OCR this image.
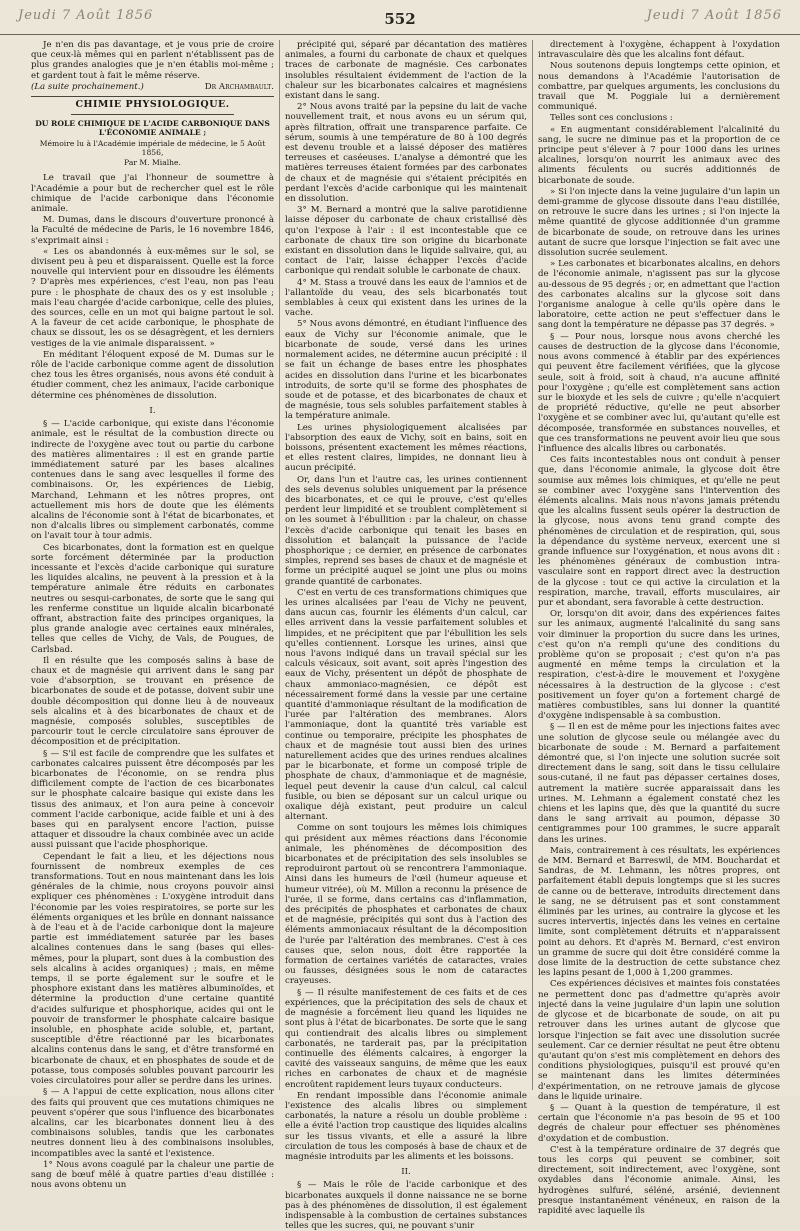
Jeudi 7 Août 1856	552	Jeudi 7 Août 1856

Je n'en dis pas davantage, et je vous prie de croire que ceux-là mêmes qui en parlent n'établissent pas de plus grandes analogies que je n'en établis moi-même ; et gardent tout à fait le même réserve.

(La suite prochainement.)	Dr Archambault.
CHIMIE PHYSIOLOGIQUE.
DU ROLE CHIMIQUE DE L'ACIDE CARBONIQUE DANS L'ÉCONOMIE ANIMALE ;
Mémoire lu à l'Académie impériale de médecine, le 5 Août 1856,
Par M. Mialhe.

Le travail que j'ai l'honneur de soumettre à l'Académie a pour but de rechercher quel est le rôle chimique de l'acide carbonique dans l'économie animale.

M. Dumas, dans le discours d'ouverture prononcé à la Faculté de médecine de Paris, le 16 novembre 1846, s'exprimait ainsi :

« Les os abandonnés à eux-mêmes sur le sol, se divisent peu à peu et disparaissent. Quelle est la force nouvelle qui intervient pour en dissoudre les éléments ? D'après mes expériences, c'est l'eau, non pas l'eau pure : le phosphate de chaux des os y est insoluble ; mais l'eau chargée d'acide carbonique, celle des pluies, des sources, celle en un mot qui baigne partout le sol. A la faveur de cet acide carbonique, le phosphate de chaux se dissout, les os se désagrègent, et les derniers vestiges de la vie animale disparaissent. »

En méditant l'éloquent exposé de M. Dumas sur le rôle de l'acide carbonique comme agent de dissolution chez tous les êtres organisés, nous avons été conduit à étudier comment, chez les animaux, l'acide carbonique détermine ces phénomènes de dissolution.

I.

§ — L'acide carbonique, qui existe dans l'économie animale, est le résultat de la combustion directe ou indirecte de l'oxygène avec tout ou partie du carbone des matières alimentaires : il est en grande partie immédiatement saturé par les bases alcalines contenues dans le sang avec lesquelles il forme des combinaisons. Or, les expériences de Liebig, Marchand, Lehmann et les nôtres propres, ont actuellement mis hors de doute que les éléments alcalins de l'économie sont à l'état de bicarbonates, et non d'alcalis libres ou simplement carbonatés, comme on l'avait tour à tour admis.

Ces bicarbonates, dont la formation est en quelque sorte forcément déterminée par la production incessante et l'excès d'acide carbonique qui surature les liquides alcalins, ne peuvent à la pression et à la température animale être réduits en carbonates neutres ou sesqui-carbonates, de sorte que le sang qui les renferme constitue un liquide alcalin bicarbonaté offrant, abstraction faite des principes organiques, la plus grande analogie avec certaines eaux minérales, telles que celles de Vichy, de Vals, de Pougues, de Carlsbad.

Il en résulte que les composés salins à base de chaux et de magnésie qui arrivent dans le sang par voie d'absorption, se trouvant en présence de bicarbonates de soude et de potasse, doivent subir une double décomposition qui donne lieu à de nouveaux sels alcalins et à des bicarbonates de chaux et de magnésie, composés solubles, susceptibles de parcourir tout le cercle circulatoire sans éprouver de décomposition et de précipitation.

§ — S'il est facile de comprendre que les sulfates et carbonates calcaires puissent être décomposés par les bicarbonates de l'économie, on se rendra plus difficilement compte de l'action de ces bicarbonates sur le phosphate calcaire basique qui existe dans les tissus des animaux, et l'on aura peine à concevoir comment l'acide carbonique, acide faible et uni à des bases qui en paralysent encore l'action, puisse attaquer et dissoudre la chaux combinée avec un acide aussi puissant que l'acide phosphorique.

Cependant le fait a lieu, et les déjections nous fournissent de nombreux exemples de ces transformations. Tout en nous maintenant dans les lois générales de la chimie, nous croyons pouvoir ainsi expliquer ces phénomènes : L'oxygène introduit dans l'économie par les voies respiratoires, se porte sur les éléments organiques et les brûle en donnant naissance à de l'eau et à de l'acide carbonique dont la majeure partie est immédiatement saturée par les bases alcalines contenues dans le sang (bases qui elles-mêmes, pour la plupart, sont dues à la combustion des sels alcalins à acides organiques) ; mais, en même temps, il se porte également sur le soufre et le phosphore existant dans les matières albuminoïdes, et détermine la production d'une certaine quantité d'acides sulfurique et phosphorique, acides qui ont le pouvoir de transformer le phosphate calcaire basique insoluble, en phosphate acide soluble, et, partant, susceptible d'être réactionné par les bicarbonates alcalins contenus dans le sang, et d'être transformé en bicarbonate de chaux, et en phosphates de soude et de potasse, tous composés solubles pouvant parcourir les voies circulatoires pour aller se perdre dans les urines.

§ — A l'appui de cette explication, nous allons citer des faits qui prouvent que ces mutations chimiques ne peuvent s'opérer que sous l'influence des bicarbonates alcalins, car les bicarbonates donnent lieu à des combinaisons solubles, tandis que les carbonates neutres donnent lieu à des combinaisons insolubles, incompatibles avec la santé et l'existence.

1° Nous avons coagulé par la chaleur une partie de sang de bœuf mêlé à quatre parties d'eau distillée : nous avons obtenu un

précipité qui, séparé par décantation des matières animales, a fourni du carbonate de chaux et quelques traces de carbonate de magnésie. Ces carbonates insolubles résultaient évidemment de l'action de la chaleur sur les bicarbonates calcaires et magnésiens existant dans le sang.

2° Nous avons traité par la pepsine du lait de vache nouvellement trait, et nous avons eu un sérum qui, après filtration, offrait une transparence parfaite. Ce sérum, soumis à une température de 80 à 100 degrés est devenu trouble et a laissé déposer des matières terreuses et caséeuses. L'analyse a démontré que les matières terreuses étaient formées par des carbonates de chaux et de magnésie qui s'étaient précipités en perdant l'excès d'acide carbonique qui les maintenait en dissolution.

3° M. Bernard a montré que la salive parotidienne laisse déposer du carbonate de chaux cristallisé dès qu'on l'expose à l'air : il est incontestable que ce carbonate de chaux tire son origine du bicarbonate existant en dissolution dans le liquide salivaire, qui, au contact de l'air, laisse échapper l'excès d'acide carbonique qui rendait soluble le carbonate de chaux.

4° M. Stass a trouvé dans les eaux de l'amnios et de l'allantoïde du veau, des sels bicarbonatés tout semblables à ceux qui existent dans les urines de la vache.

5° Nous avons démontré, en étudiant l'influence des eaux de Vichy sur l'économie animale, que le bicarbonate de soude, versé dans les urines normalement acides, ne détermine aucun précipité : il se fait un échange de bases entre les phosphates acides en dissolution dans l'urine et les bicarbonates introduits, de sorte qu'il se forme des phosphates de soude et de potasse, et des bicarbonates de chaux et de magnésie, tous sels solubles parfaitement stables à la température animale.

Les urines physiologiquement alcalisées par l'absorption des eaux de Vichy, soit en bains, soit en boissons, présentent exactement les mêmes réactions, et elles restent claires, limpides, ne donnant lieu à aucun précipité.

Or, dans l'un et l'autre cas, les urines contiennent des sels devenus solubles uniquement par la présence des bicarbonates, et ce qui le prouve, c'est qu'elles perdent leur limpidité et se troublent complètement si on les soumet à l'ébullition : par la chaleur, on chasse l'excès d'acide carbonique qui tenait les bases en dissolution et balançait la puissance de l'acide phosphorique ; ce dernier, en présence de carbonates simples, reprend ses bases de chaux et de magnésie et forme un précipité auquel se joint une plus ou moins grande quantité de carbonates.

C'est en vertu de ces transformations chimiques que les urines alcalisées par l'eau de Vichy ne peuvent, dans aucun cas, fournir les éléments d'un calcul, car elles arrivent dans la vessie parfaitement solubles et limpides, et ne précipitent que par l'ébullition les sels qu'elles contiennent. Lorsque les urines, ainsi que nous l'avons indiqué dans un travail spécial sur les calculs vésicaux, soit avant, soit après l'ingestion des eaux de Vichy, présentent un dépôt de phosphate de chaux ammoniaco-magnésien, ce dépôt est nécessairement formé dans la vessie par une certaine quantité d'ammoniaque résultant de la modification de l'urée par l'altération des membranes. Alors l'ammoniaque, dont la quantité très variable est continue ou temporaire, précipite les phosphates de chaux et de magnésie tout aussi bien des urines naturellement acides que des urines rendues alcalines par le bicarbonate, et forme un composé triple de phosphate de chaux, d'ammoniaque et de magnésie, lequel peut devenir la cause d'un calcul, cal calcul fusible, ou bien se déposant sur un calcul urique ou oxalique déjà existant, peut produire un calcul alternant.

Comme on sont toujours les mêmes lois chimiques qui président aux mêmes réactions dans l'économie animale, les phénomènes de décomposition des bicarbonates et de précipitation des sels insolubles se reproduiront partout où se rencontrera l'ammoniaque. Ainsi dans les humeurs de l'œil (humeur aqueuse et humeur vitrée), où M. Millon a reconnu la présence de l'urée, il se forme, dans certains cas d'inflammation, des précipités de phosphates et carbonates de chaux et de magnésie, précipités qui sont dus à l'action des éléments ammoniacaux résultant de la décomposition de l'urée par l'altération des membranes. C'est à ces causes que, selon nous, doit être rapportée la formation de certaines variétés de cataractes, vraies ou fausses, désignées sous le nom de cataractes crayeuses.

§ — Il résulte manifestement de ces faits et de ces expériences, que la précipitation des sels de chaux et de magnésie a forcément lieu quand les liquides ne sont plus à l'état de bicarbonates. De sorte que le sang qui contiendrait des alcalis libres ou simplement carbonatés, ne tarderait pas, par la précipitation continuelle des éléments calcaires, à engorger la cavité des vaisseaux sanguins, de même que les eaux riches en carbonates de chaux et de magnésie encroûtent rapidement leurs tuyaux conducteurs.

En rendant impossible dans l'économie animale l'existence des alcalis libres ou simplement carbonatés, la nature a résolu un double problème : elle a évité l'action trop caustique des liquides alcalins sur les tissus vivants, et elle a assuré la libre circulation de tous les composés à base de chaux et de magnésie introduits par les aliments et les boissons.

II.

§ — Mais le rôle de l'acide carbonique et des bicarbonates auxquels il donne naissance ne se borne pas à des phénomènes de dissolution, il est également indispensable à la combustion de certaines substances telles que les sucres, qui, ne pouvant s'unir

directement à l'oxygène, échappent à l'oxydation intravasculaire dès que les alcalins font défaut.

Nous soutenons depuis longtemps cette opinion, et nous demandons à l'Académie l'autorisation de combattre, par quelques arguments, les conclusions du travail que M. Poggiale lui a dernièrement communiqué.

Telles sont ces conclusions :

« En augmentant considérablement l'alcalinité du sang, le sucre ne diminue pas et la proportion de ce principe peut s'élever à 7 pour 1000 dans les urines alcalines, lorsqu'on nourrit les animaux avec des aliments féculents ou sucrés additionnés de bicarbonate de soude.

» Si l'on injecte dans la veine jugulaire d'un lapin un demi-gramme de glycose dissoute dans l'eau distillée, on retrouve le sucre dans les urines ; si l'on injecte la même quantité de glycose additionnée d'un gramme de bicarbonate de soude, on retrouve dans les urines autant de sucre que lorsque l'injection se fait avec une dissolution sucrée seulement.

» Les carbonates et bicarbonates alcalins, en dehors de l'économie animale, n'agissent pas sur la glycose au-dessous de 95 degrés ; or, en admettant que l'action des carbonates alcalins sur la glycose soit dans l'organisme analogue à celle qu'ils opère dans le laboratoire, cette action ne peut s'effectuer dans le sang dont la température ne dépasse pas 37 degrés. »

§ — Pour nous, lorsque nous avons cherché les causes de destruction de la glycose dans l'économie, nous avons commencé à établir par des expériences qui peuvent être facilement vérifiées, que la glycose seule, soit à froid, soit à chaud, n'a aucune affinité pour l'oxygène ; qu'elle est complètement sans action sur le bioxyde et les sels de cuivre ; qu'elle n'acquiert de propriété réductive, qu'elle ne peut absorber l'oxygène et se combiner avec lui, qu'autant qu'elle est décomposée, transformée en substances nouvelles, et que ces transformations ne peuvent avoir lieu que sous l'influence des alcalis libres ou carbonatés.

Ces faits incontestables nous ont conduit à penser que, dans l'économie animale, la glycose doit être soumise aux mêmes lois chimiques, et qu'elle ne peut se combiner avec l'oxygène sans l'intervention des éléments alcalins. Mais nous n'avons jamais prétendu que les alcalins fussent seuls opérer la destruction de la glycose, nous avons tenu grand compte des phénomènes de circulation et de respiration, qui, sous la dépendance du système nerveux, exercent une si grande influence sur l'oxygénation, et nous avons dit : les phénomènes généraux de combustion intra-vasculaire sont en rapport direct avec la destruction de la glycose : tout ce qui active la circulation et la respiration, marche, travail, efforts musculaires, air pur et abondant, sera favorable à cette destruction.

Or, lorsqu'on dit avoir, dans des expériences faites sur les animaux, augmenté l'alcalinité du sang sans voir diminuer la proportion du sucre dans les urines, c'est qu'on n'a rempli qu'une des conditions du problème qu'on se proposait ; c'est qu'on n'a pas augmenté en même temps la circulation et la respiration, c'est-à-dire le mouvement et l'oxygène nécessaires à la destruction de la glycose : c'est positivement un foyer qu'on a fortement chargé de matières combustibles, sans lui donner la quantité d'oxygène indispensable à sa combustion.

§ — Il en est de même pour les injections faites avec une solution de glycose seule ou mélangée avec du bicarbonate de soude : M. Bernard a parfaitement démontré que, si l'on injecte une solution sucrée soit directement dans le sang, soit dans le tissu cellulaire sous-cutané, il ne faut pas dépasser certaines doses, autrement la matière sucrée apparaissait dans les urines. M. Lehmann a également constaté chez les chiens et les lapins que, dès que la quantité du sucre dans le sang arrivait au poumon, dépasse 30 centigrammes pour 100 grammes, le sucre apparaît dans les urines.

Mais, contrairement à ces résultats, les expériences de MM. Bernard et Barreswil, de MM. Bouchardat et Sandras, de M. Lehmann, les nôtres propres, ont parfaitement établi depuis longtemps que si les sucres de canne ou de betterave, introduits directement dans le sang, ne se détruisent pas et sont constamment éliminés par les urines, au contraire la glycose et les sucres intervertis, injectés dans les veines en certaine limite, sont complètement détruits et n'apparaissent point au dehors. Et d'après M. Bernard, c'est environ un gramme de sucre qui doit être considéré comme la dose limite de la destruction de cette substance chez les lapins pesant de 1,000 à 1,200 grammes.

Ces expériences décisives et maintes fois constatées ne permettent donc pas d'admettre qu'après avoir injecté dans la veine jugulaire d'un lapin une solution de glycose et de bicarbonate de soude, on ait pu retrouver dans les urines autant de glycose que lorsque l'injection se fait avec une dissolution sucrée seulement. Car ce dernier résultat ne peut être obtenu qu'autant qu'on s'est mis complètement en dehors des conditions physiologiques, puisqu'il est prouvé qu'en se maintenant dans les limites déterminées d'expérimentation, on ne retrouve jamais de glycose dans le liquide urinaire.

§ — Quant à la question de température, il est certain que l'économie n'a pas besoin de 95 et 100 degrés de chaleur pour effectuer ses phénomènes d'oxydation et de combustion.

C'est à la température ordinaire de 37 degrés que tous les corps qui peuvent se combiner, soit directement, soit indirectement, avec l'oxygène, sont oxydables dans l'économie animale. Ainsi, les hydrogènes sulfuré, séléné, arsénié, deviennent presque instantanément vénéneux, en raison de la rapidité avec laquelle ils
